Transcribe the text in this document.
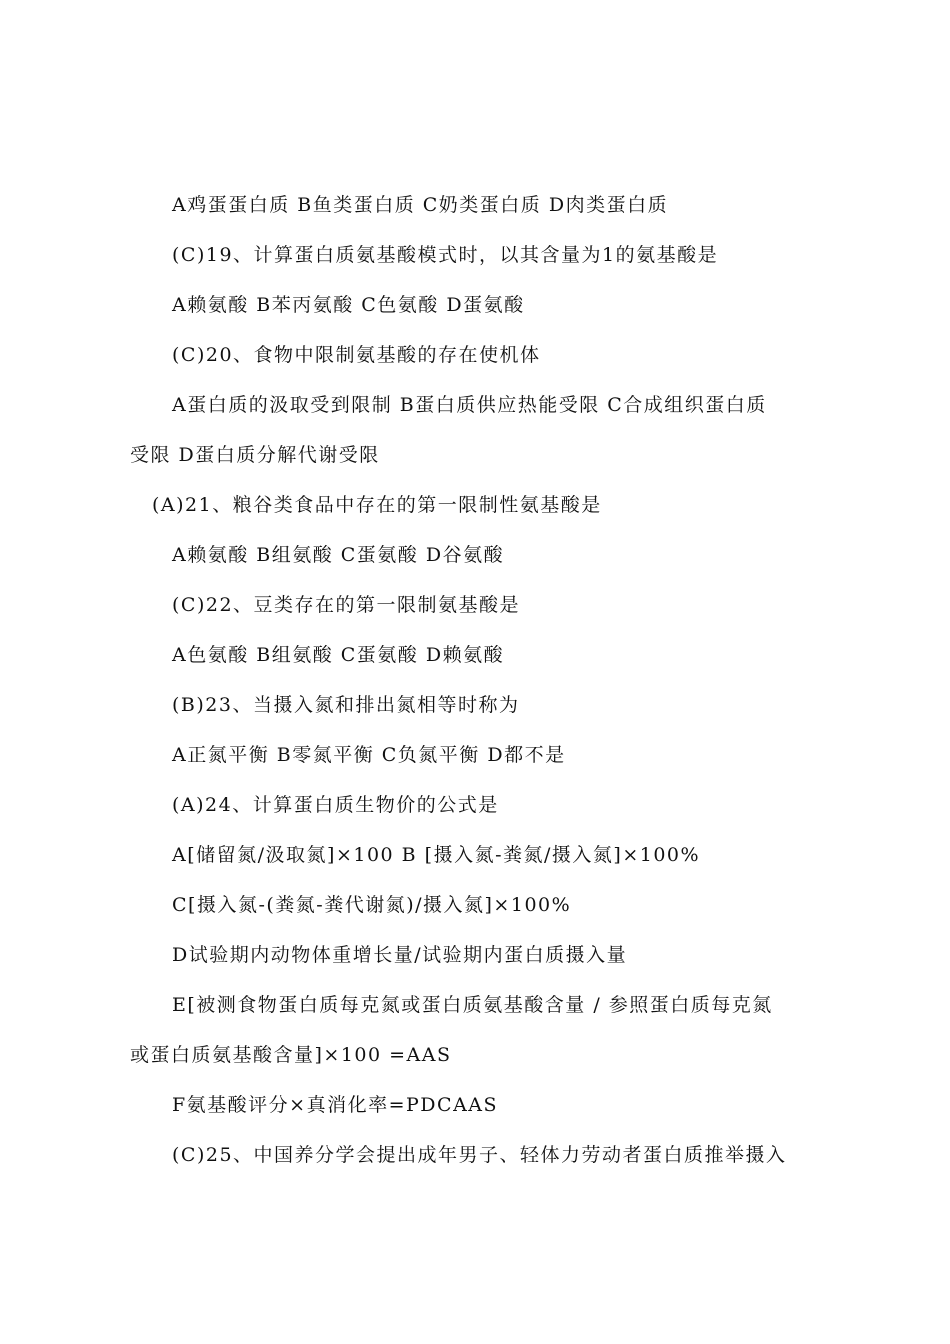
A鸡蛋蛋白质 B鱼类蛋白质 C奶类蛋白质 D肉类蛋白质
(C)19、计算蛋白质氨基酸模式时，以其含量为1的氨基酸是
A赖氨酸 B苯丙氨酸 C色氨酸 D蛋氨酸
(C)20、食物中限制氨基酸的存在使机体
A蛋白质的汲取受到限制 B蛋白质供应热能受限 C合成组织蛋白质
受限 D蛋白质分解代谢受限
(A)21、粮谷类食品中存在的第一限制性氨基酸是
A赖氨酸 B组氨酸 C蛋氨酸 D谷氨酸
(C)22、豆类存在的第一限制氨基酸是
A色氨酸 B组氨酸 C蛋氨酸 D赖氨酸
(B)23、当摄入氮和排出氮相等时称为
A正氮平衡 B零氮平衡 C负氮平衡 D都不是
(A)24、计算蛋白质生物价的公式是
A[储留氮/汲取氮]×100 B [摄入氮-粪氮/摄入氮]×100%
C[摄入氮-(粪氮-粪代谢氮)/摄入氮]×100%
D试验期内动物体重增长量/试验期内蛋白质摄入量
E[被测食物蛋白质每克氮或蛋白质氨基酸含量 / 参照蛋白质每克氮
或蛋白质氨基酸含量]×100 =AAS
F氨基酸评分×真消化率=PDCAAS
(C)25、中国养分学会提出成年男子、轻体力劳动者蛋白质推举摄入
